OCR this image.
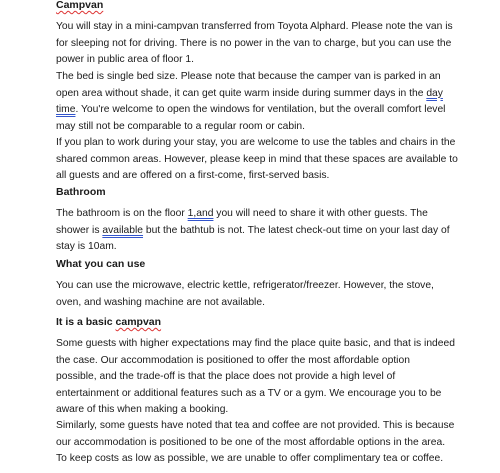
Campvan

You will stay in a mini-campvan transferred from Toyota Alphard. Please note the van is
for sleeping not for driving. There is no power in the van to charge, but you can use the
power in public area of floor 1.

The bed is single bed size. Please note that because the camper van is parked in an
open area without shade, it can get quite warm inside during summer days in the day
time. You're welcome to open the windows for ventilation, but the overall comfort level
may still not be comparable to a regular room or cabin.

If you plan to work during your stay, you are welcome to use the tables and chairs in the
shared common areas. However, please keep in mind that these spaces are available to
all guests and are offered on a first-come, first-served basis.

Bathroom

The bathroom is on the floor 1,and you will need to share it with other guests. The
shower is available but the bathtub is not. The latest check-out time on your last day of
stay is 10am.

What you can use

You can use the microwave, electric kettle, refrigerator/freezer. However, the stove,
oven, and washing machine are not available.

It is a basic campvan

Some guests with higher expectations may find the place quite basic, and that is indeed
the case. Our accommodation is positioned to offer the most affordable option
possible, and the trade-off is that the place does not provide a high level of
entertainment or additional features such as a TV or a gym. We encourage you to be
aware of this when making a booking.

Similarly, some guests have noted that tea and coffee are not provided. This is because
our accommodation is positioned to be one of the most affordable options in the area.
To keep costs as low as possible, we are unable to offer complimentary tea or coffee.
